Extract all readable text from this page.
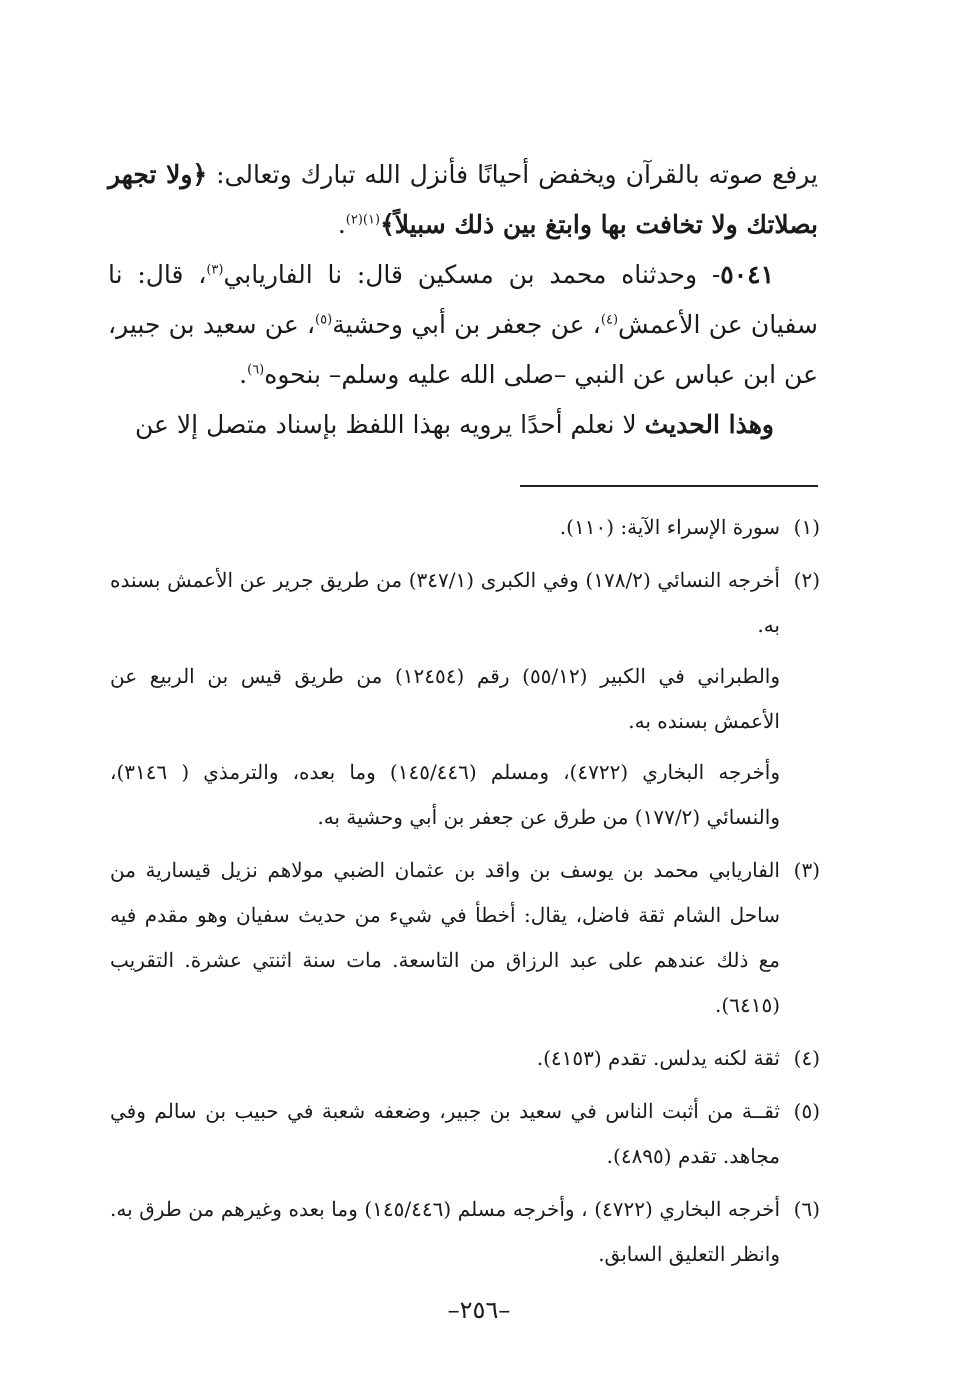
يرفع صوته بالقرآن ويخفض أحيانًا فأنزل الله تبارك وتعالى: ﴿ولا تجهر بصلاتك ولا تخافت بها وابتغ بين ذلك سبيلاً﴾$^{(١)(٢)}$.

٥٠٤١- وحدثناه محمد بن مسكين قال: نا الفاريابي$^{(٣)}$، قال: نا سفيان عن الأعمش$^{(٤)}$، عن جعفر بن أبي وحشية$^{(٥)}$، عن سعيد بن جبير، عن ابن عباس عن النبي –صلى الله عليه وسلم– بنحوه$^{(٦)}$.

وهذا الحديث لا نعلم أحدًا يرويه بهذا اللفظ بإسناد متصل إلا عن

(١)

سورة الإسراء الآية: (١١٠).

(٢)

أخرجه النسائي (١٧٨/٢) وفي الكبرى (٣٤٧/١) من طريق جرير عن الأعمش بسنده به.

والطبراني في الكبير (٥٥/١٢) رقم (١٢٤٥٤) من طريق قيس بن الربيع عن الأعمش بسنده به.

وأخرجه البخاري (٤٧٢٢)، ومسلم (١٤٥/٤٤٦) وما بعده، والترمذي ( ٣١٤٦)، والنسائي (١٧٧/٢) من طرق عن جعفر بن أبي وحشية به.

(٣)

الفاريابي محمد بن يوسف بن واقد بن عثمان الضبي مولاهم نزيل قيسارية من ساحل الشام ثقة فاضل، يقال: أخطأ في شيء من حديث سفيان وهو مقدم فيه مع ذلك عندهم على عبد الرزاق من التاسعة. مات سنة اثنتي عشرة. التقريب (٦٤١٥).

(٤)

ثقة لكنه يدلس. تقدم (٤١٥٣).

(٥)

ثقــة من أثبت الناس في سعيد بن جبير، وضعفه شعبة في حبيب بن سالم وفي مجاهد. تقدم (٤٨٩٥).

(٦)

أخرجه البخاري (٤٧٢٢) ، وأخرجه مسلم (١٤٥/٤٤٦) وما بعده وغيرهم من طرق به. وانظر التعليق السابق.

–٢٥٦–
